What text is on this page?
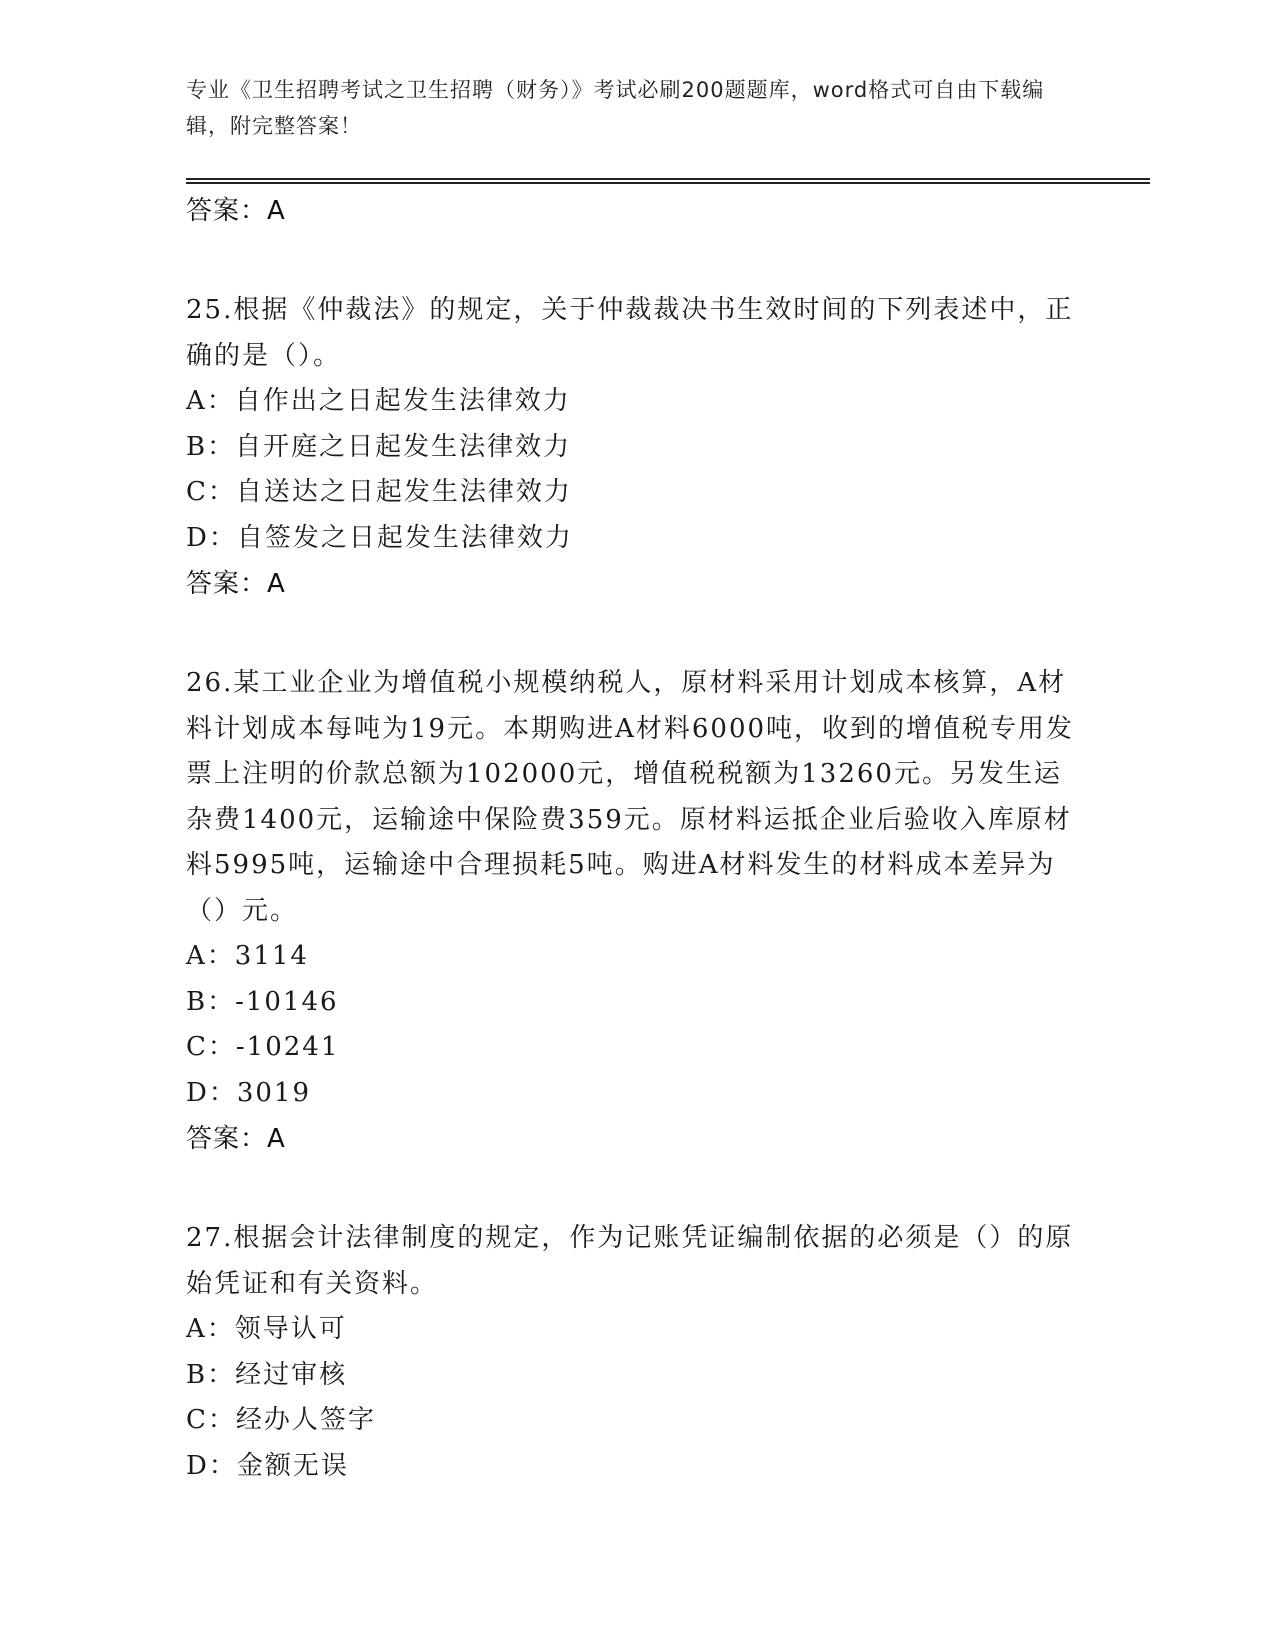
专业《卫生招聘考试之卫生招聘（财务）》考试必刷200题题库，word格式可自由下载编辑，附完整答案！

答案：A

25.根据《仲裁法》的规定，关于仲裁裁决书生效时间的下列表述中，正确的是（）。

A：自作出之日起发生法律效力

B：自开庭之日起发生法律效力

C：自送达之日起发生法律效力

D：自签发之日起发生法律效力

答案：A

26.某工业企业为增值税小规模纳税人，原材料采用计划成本核算，A材料计划成本每吨为19元。本期购进A材料6000吨，收到的增值税专用发票上注明的价款总额为102000元，增值税税额为13260元。另发生运杂费1400元，运输途中保险费359元。原材料运抵企业后验收入库原材料5995吨，运输途中合理损耗5吨。购进A材料发生的材料成本差异为（）元。

A：3114

B：-10146

C：-10241

D：3019

答案：A

27.根据会计法律制度的规定，作为记账凭证编制依据的必须是（）的原始凭证和有关资料。

A：领导认可

B：经过审核

C：经办人签字

D：金额无误
